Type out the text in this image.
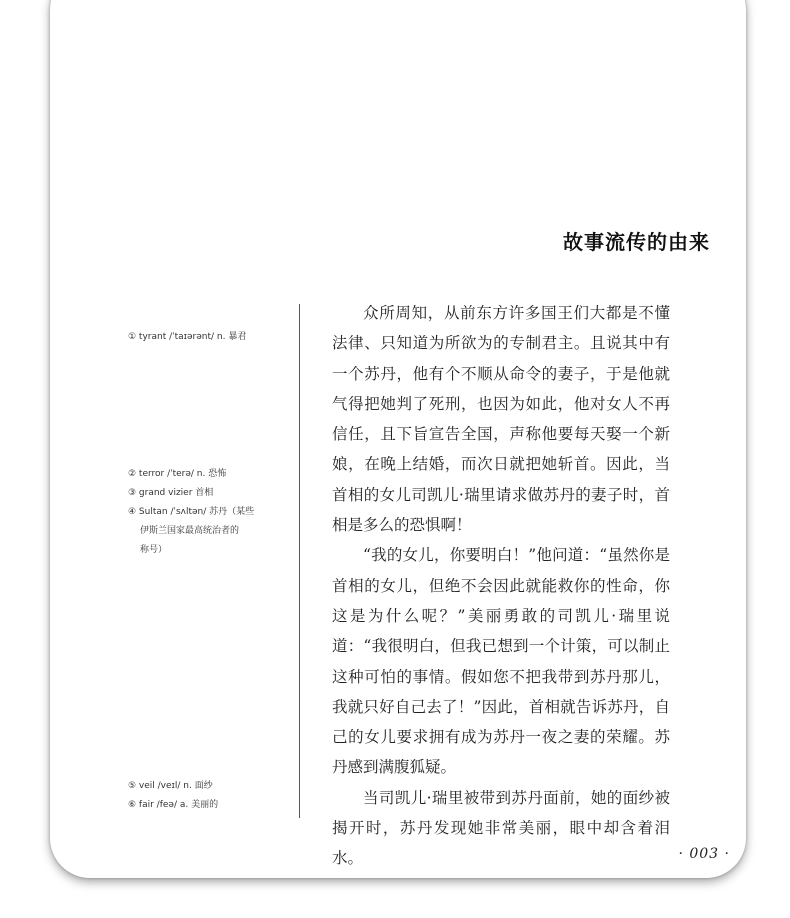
故事流传的由来
① tyrant /ˈtaɪərənt/ n. 暴君
② terror /ˈterə/ n. 恐怖
③ grand vizier 首相
④ Sultan /ˈsʌltən/ 苏丹（某些
伊斯兰国家最高统治者的
称号）
⑤ veil /veɪl/ n. 面纱
⑥ fair /feə/ a. 美丽的

众所周知，从前东方许多国王们大都是不懂法律、只知道为所欲为的专制君主。且说其中有一个苏丹，他有个不顺从命令的妻子，于是他就气得把她判了死刑，也因为如此，他对女人不再信任，且下旨宣告全国，声称他要每天娶一个新娘，在晚上结婚，而次日就把她斩首。因此，当首相的女儿司凯儿·瑞里请求做苏丹的妻子时，首相是多么的恐惧啊！

“我的女儿，你要明白！”他问道：“虽然你是首相的女儿，但绝不会因此就能救你的性命，你这是为什么呢？”美丽勇敢的司凯儿·瑞里说道：“我很明白，但我已想到一个计策，可以制止这种可怕的事情。假如您不把我带到苏丹那儿，我就只好自己去了！”因此，首相就告诉苏丹，自己的女儿要求拥有成为苏丹一夜之妻的荣耀。苏丹感到满腹狐疑。

当司凯儿·瑞里被带到苏丹面前，她的面纱被揭开时，苏丹发现她非常美丽，眼中却含着泪水。	· 003 ·
